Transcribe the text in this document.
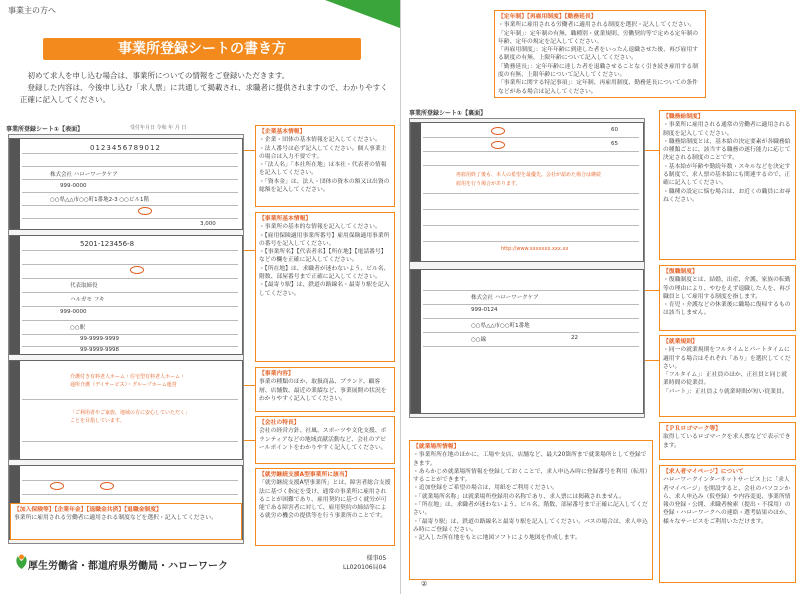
事業主の方へ
事業所登録シートの書き方

初めて求人を申し込む場合は、事業所についての情報をご登録いただきます。

登録した内容は、今後申し込む「求人票」に共通して掲載され、求職者に提供されますので、わかりやすく正確に記入してください。

事業所登録シート①【表面】	受付年月日 令和 年 月 日
0123456789012
株式会社 ハローワークケア
999-0000
○○県△△市○○町1番地2-3 ○○ビル1階
3,000
5201-123456-8
代表取締役
ハルガモ フキ
999-0000
○○駅
99-9999-9999
99-9999-9998
介護付き有料老人ホーム・住宅型有料老人ホーム・
通所介護（デイサービス）・グループホーム運営
「ご利用者やご家族、地域の方に安心していただく」
ことを目指しています。
【企業基本情報】
・企業・団体の基本情報を記入してください。
・法人番号は必ず記入してください。個人事業主の場合は入力不要です。
・「法人名」「本社所在地」は本社・代表者の情報を記入してください。
・「資本金」は、法人・団体の資本の額又は出資の総額を記入してください。
【事業所基本情報】
・事業所の基本的な情報を記入してください。
・【雇用保険適用事業所番号】雇用保険適用事業所の番号を記入してください。
・【事業所名】【代表者名】【所在地】【電話番号】などの欄を正確に記入してください。
・【所在地】は、求職者が迷わないよう、ビル名、階数、部屋番号まで正確に記入してください。
・【最寄り駅】は、鉄道の路線名・最寄り駅を記入してください。
【事業内容】
事業の種類のほか、取扱商品、ブランド、顧客層、店舗数、最近の業績など、事業展開の状況をわかりやすく記入してください。
【会社の特長】
会社の経営方針、社風、スポーツや文化支援、ボランティアなどの地域貢献活動など、会社のアピールポイントをわかりやすく記入してください。
【就労継続支援A型事業所に該当】
「就労継続支援A型事業所」とは、障害者総合支援法に基づく指定を受け、通常の事業所に雇用されることが困難であり、雇用契約に基づく就労が可能である障害者に対して、雇用契約の締結等による就労の機会の提供等を行う事業所のことです。
【加入保険等】【企業年金】【退職金共済】【退職金制度】
事業所に雇用される労働者に適用される制度などを選択・記入してください。
厚生労働省・都道府県労働局・ハローワーク
様事05
LL020106局04
【定年制】【再雇用制度】【勤務延長】
・事業所に雇用される労働者に適用される制度を選択・記入してください。
「定年制」：定年制の有無、職種別・就業規則、労働契約等で定める定年制の年齢、定年の規定を記入してください。
「再雇用制度」：定年年齢に到達した者をいったん退職させた後、再び雇用する制度の有無、上限年齢について記入してください。
「勤務延長」：定年年齢に達した者を退職させることなく引き続き雇用する制度の有無、上限年齢について記入してください。
「事業所に関する特記事項」：定年制、再雇用制度、勤務延長についての条件などがある場合は記入してください。
事業所登録シート①【裏面】
60
65
再雇用終了後も、本人の希望を最優先。会社が認めた場合は継続
雇用を行う場合があります。
http://www.xxxxxxx.xxx.xx
株式会社 ハローワークケア
999-0124
○○県△△市○○町1番地
○○線	22
【職務給制度】
・事業所に雇用される通常の労働者に適用される制度を記入してください。
・職務給制度とは、基本給の決定要素が各職務給の種類ごとに、該当する職務の遂行能力に応じて決定される制度のことです。
・基本給が年齢や勤続年数・スキルなどを決定する制度で、求人票の基本給にも関連するので、正確に記入してください。
・職種の設定に悩む場合は、お近くの職員にお尋ねください。
【復職制度】
・復職制度とは、結婚、出産、介護、家族の転勤等の理由により、やむをえず退職した人を、再び職員として雇用する制度を指します。
・育児・介護などの休業後に職場に復帰するものは該当しません。
【就業規則】
・同一の就業規則をフルタイムとパートタイムに適用する場合はそれぞれ「あり」を選択してください。
「フルタイム」：正社員のほか、正社員と同じ就業時間の従業員。
「パート」：正社員より就業時間が短い従業員。
【ＰＲロゴマーク等】
取得しているロゴマークを求人票などで表示できます。
【求人者マイページ】について
ハローワークインターネットサービス上に「求人者マイページ」を開設すると、会社のパソコンから、求人申込み（仮登録）や内容変更、事業所情報の登録・公開、求職者検索（提出・不採用）の登録・ハローワークへの連絡・選考結果のほか、様々なサービスをご利用いただけます。
【就業場所情報】
・事業所所在地のほかに、工場や支店、店舗など、最大20箇所まで就業場所として登録できます。
・あらかじめ就業場所情報を登録しておくことで、求人申込み時に登録番号を利用（転用）することができます。
・追加登録をご希望の場合は、用紙をご利用ください。
・「就業場所名称」は就業場所登録用の名称であり、求人票には掲載されません。
・「所在地」は、求職者が迷わないよう、ビル名、階数、部屋番号まで正確に記入してください。
・「最寄り駅」は、鉄道の路線名と最寄り駅を記入してください。バスの場合は、求人申込み時にご登録ください。
・記入した所在地をもとに地図ソフトにより地図を作成します。
②
